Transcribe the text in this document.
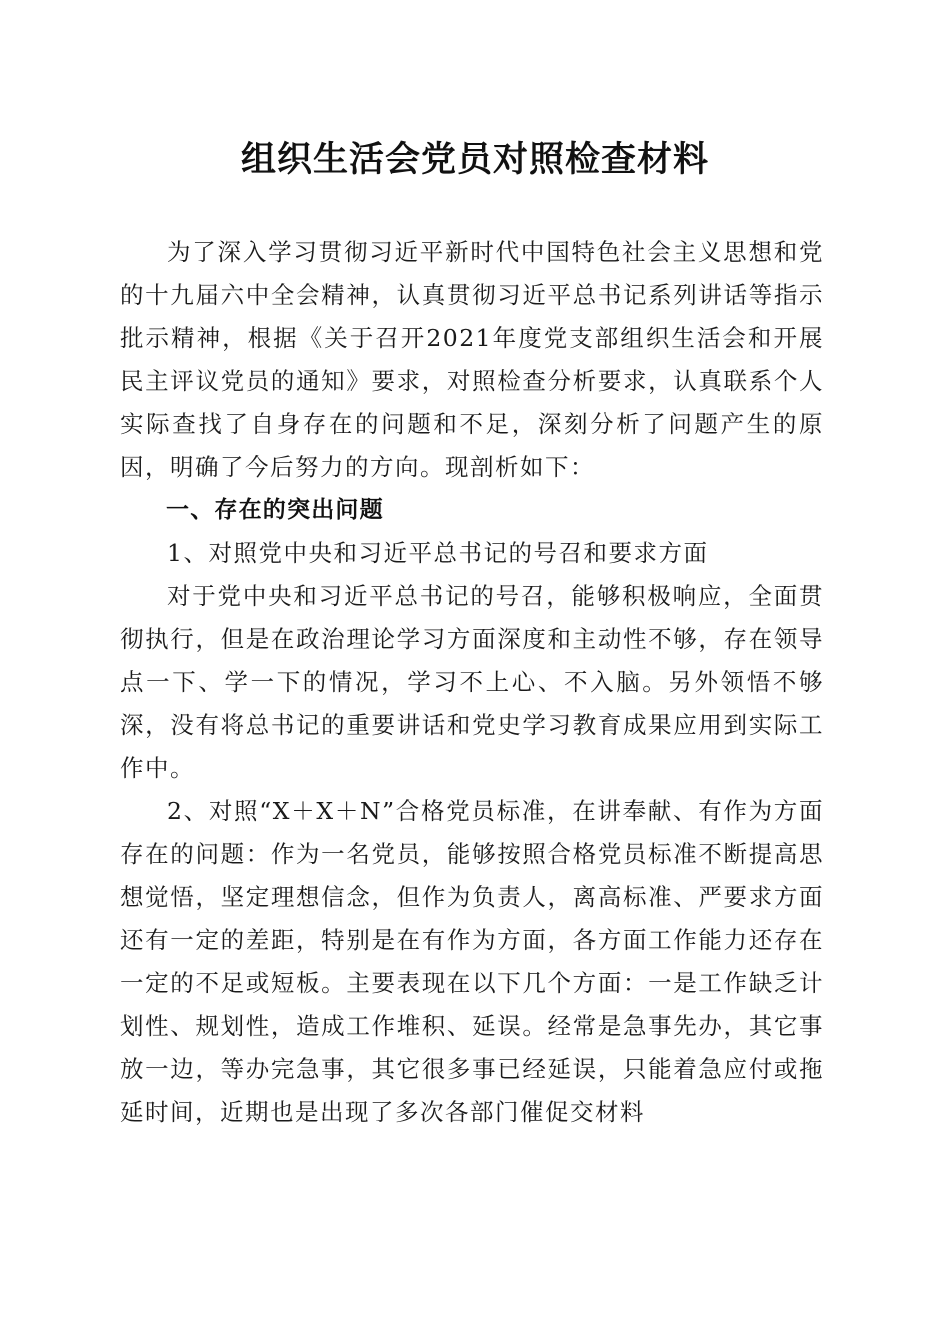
组织生活会党员对照检查材料

为了深入学习贯彻习近平新时代中国特色社会主义思想和党的十九届六中全会精神，认真贯彻习近平总书记系列讲话等指示批示精神，根据《关于召开2021年度党支部组织生活会和开展民主评议党员的通知》要求，对照检查分析要求，认真联系个人实际查找了自身存在的问题和不足，深刻分析了问题产生的原因，明确了今后努力的方向。现剖析如下：

一、存在的突出问题

1、对照党中央和习近平总书记的号召和要求方面

对于党中央和习近平总书记的号召，能够积极响应，全面贯彻执行，但是在政治理论学习方面深度和主动性不够，存在领导点一下、学一下的情况，学习不上心、不入脑。另外领悟不够深，没有将总书记的重要讲话和党史学习教育成果应用到实际工作中。

2、对照“X＋X＋N”合格党员标准，在讲奉献、有作为方面存在的问题：作为一名党员，能够按照合格党员标准不断提高思想觉悟，坚定理想信念，但作为负责人，离高标准、严要求方面还有一定的差距，特别是在有作为方面，各方面工作能力还存在一定的不足或短板。主要表现在以下几个方面：一是工作缺乏计划性、规划性，造成工作堆积、延误。经常是急事先办，其它事放一边，等办完急事，其它很多事已经延误，只能着急应付或拖延时间，近期也是出现了多次各部门催促交材料
